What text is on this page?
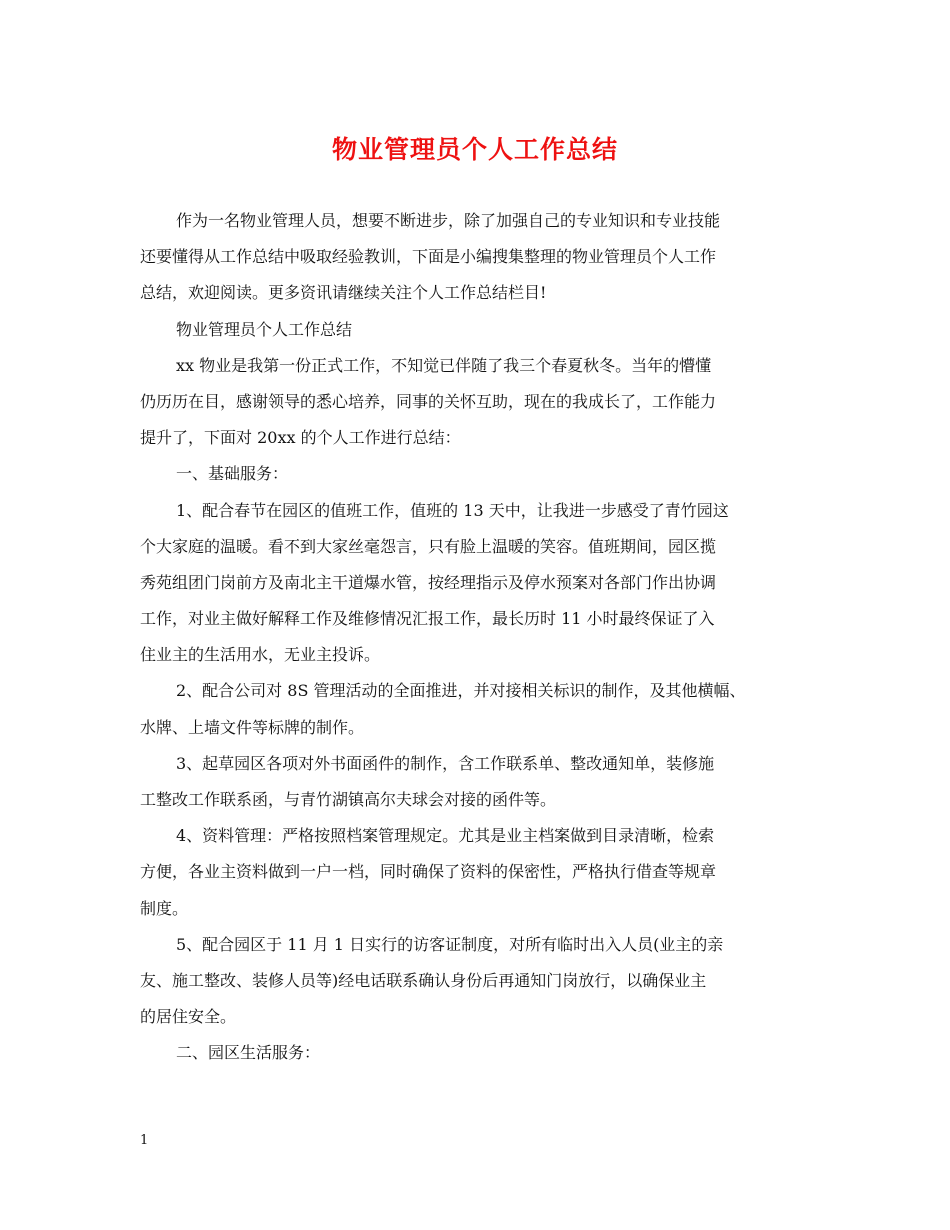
物业管理员个人工作总结
作为一名物业管理人员，想要不断进步，除了加强自己的专业知识和专业技能
还要懂得从工作总结中吸取经验教训，下面是小编搜集整理的物业管理员个人工作
总结，欢迎阅读。更多资讯请继续关注个人工作总结栏目!
物业管理员个人工作总结
xx 物业是我第一份正式工作，不知觉已伴随了我三个春夏秋冬。当年的懵懂
仍历历在目，感谢领导的悉心培养，同事的关怀互助，现在的我成长了，工作能力
提升了，下面对 20xx 的个人工作进行总结：
一、基础服务：
1、配合春节在园区的值班工作，值班的 13 天中，让我进一步感受了青竹园这
个大家庭的温暖。看不到大家丝毫怨言，只有脸上温暖的笑容。值班期间，园区揽
秀苑组团门岗前方及南北主干道爆水管，按经理指示及停水预案对各部门作出协调
工作，对业主做好解释工作及维修情况汇报工作，最长历时 11 小时最终保证了入
住业主的生活用水，无业主投诉。
2、配合公司对 8S 管理活动的全面推进，并对接相关标识的制作，及其他横幅、
水牌、上墙文件等标牌的制作。
3、起草园区各项对外书面函件的制作，含工作联系单、整改通知单，装修施
工整改工作联系函，与青竹湖镇高尔夫球会对接的函件等。
4、资料管理：严格按照档案管理规定。尤其是业主档案做到目录清晰，检索
方便，各业主资料做到一户一档，同时确保了资料的保密性，严格执行借查等规章
制度。
5、配合园区于 11 月 1 日实行的访客证制度，对所有临时出入人员(业主的亲
友、施工整改、装修人员等)经电话联系确认身份后再通知门岗放行，以确保业主
的居住安全。
二、园区生活服务：
1
